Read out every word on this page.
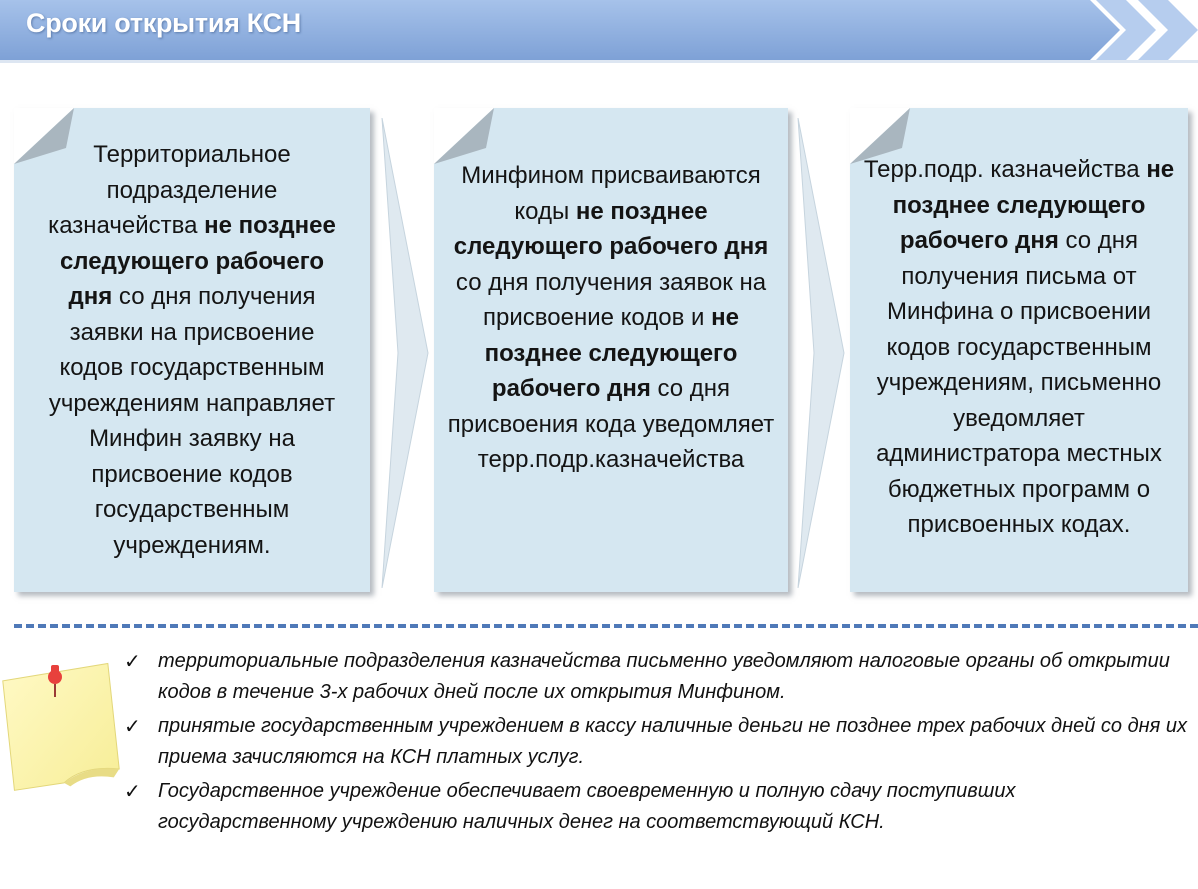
Сроки открытия КСН

Территориальное подразделение казначейства не позднее следующего рабочего дня со дня получения заявки на присвоение кодов государственным учреждениям направляет Минфин заявку на присвоение кодов государственным учреждениям.

Минфином присваиваются коды не позднее следующего рабочего дня со дня получения заявок на присвоение кодов и не позднее следующего рабочего дня со дня присвоения кода уведомляет терр.подр.казначейства

Терр.подр. казначейства не позднее следующего рабочего дня со дня получения письма от Минфина о присвоении кодов государственным учреждениям, письменно уведомляет администратора местных бюджетных программ о присвоенных кодах.

✓ территориальные подразделения казначейства письменно уведомляют налоговые органы об открытии кодов в течение 3-х рабочих дней после их открытия Минфином.
✓ принятые государственным учреждением в кассу наличные деньги не позднее трех рабочих дней со дня их приема зачисляются на КСН платных услуг.
✓ Государственное учреждение обеспечивает своевременную и полную сдачу поступивших государственному учреждению наличных денег на соответствующий КСН.
